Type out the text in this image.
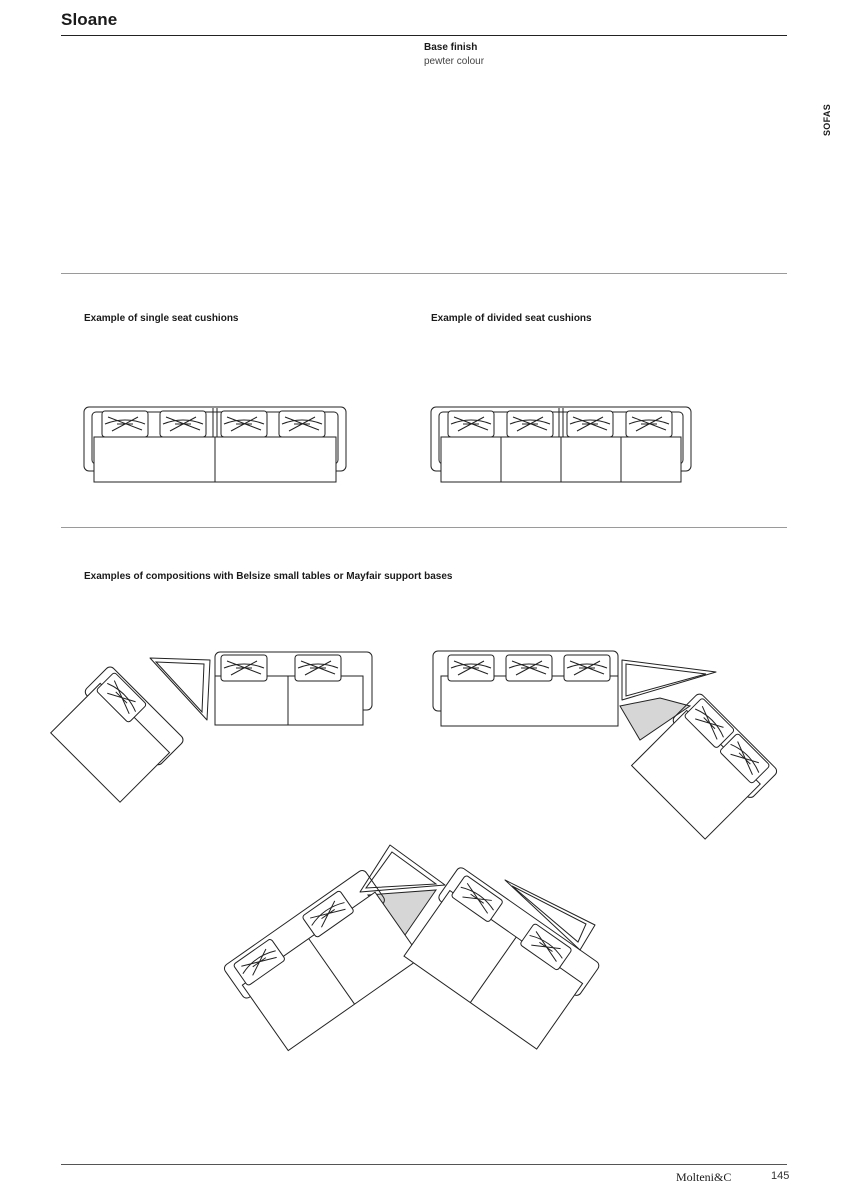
Sloane
Base finish
pewter colour
SOFAS
Example of single seat cushions	Example of divided seat cushions
Examples of compositions with Belsize small tables or Mayfair support bases
Molteni&C	145
